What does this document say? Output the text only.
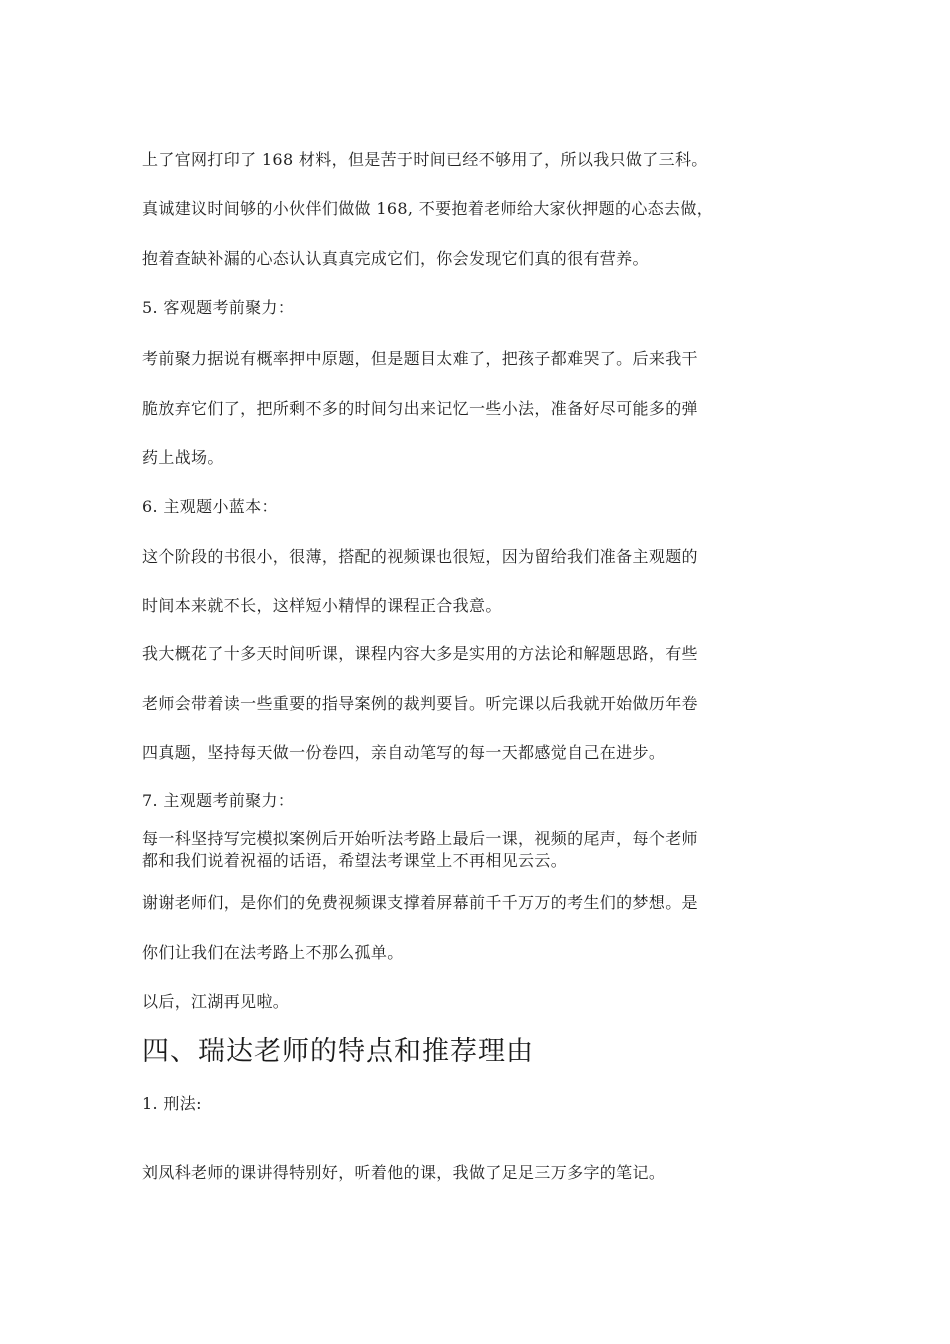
上了官网打印了 168 材料，但是苦于时间已经不够用了，所以我只做了三科。
真诚建议时间够的小伙伴们做做 168, 不要抱着老师给大家伙押题的心态去做，
抱着查缺补漏的心态认认真真完成它们，你会发现它们真的很有营养。
5. 客观题考前聚力：
考前聚力据说有概率押中原题，但是题目太难了，把孩子都难哭了。后来我干
脆放弃它们了，把所剩不多的时间匀出来记忆一些小法，准备好尽可能多的弹
药上战场。
6. 主观题小蓝本：
这个阶段的书很小，很薄，搭配的视频课也很短，因为留给我们准备主观题的
时间本来就不长，这样短小精悍的课程正合我意。
我大概花了十多天时间听课，课程内容大多是实用的方法论和解题思路，有些
老师会带着读一些重要的指导案例的裁判要旨。听完课以后我就开始做历年卷
四真题，坚持每天做一份卷四，亲自动笔写的每一天都感觉自己在进步。
7. 主观题考前聚力：
每一科坚持写完模拟案例后开始听法考路上最后一课，视频的尾声，每个老师
都和我们说着祝福的话语，希望法考课堂上不再相见云云。
谢谢老师们，是你们的免费视频课支撑着屏幕前千千万万的考生们的梦想。是
你们让我们在法考路上不那么孤单。
以后，江湖再见啦。
四、瑞达老师的特点和推荐理由
1. 刑法:
刘凤科老师的课讲得特别好，听着他的课，我做了足足三万多字的笔记。
